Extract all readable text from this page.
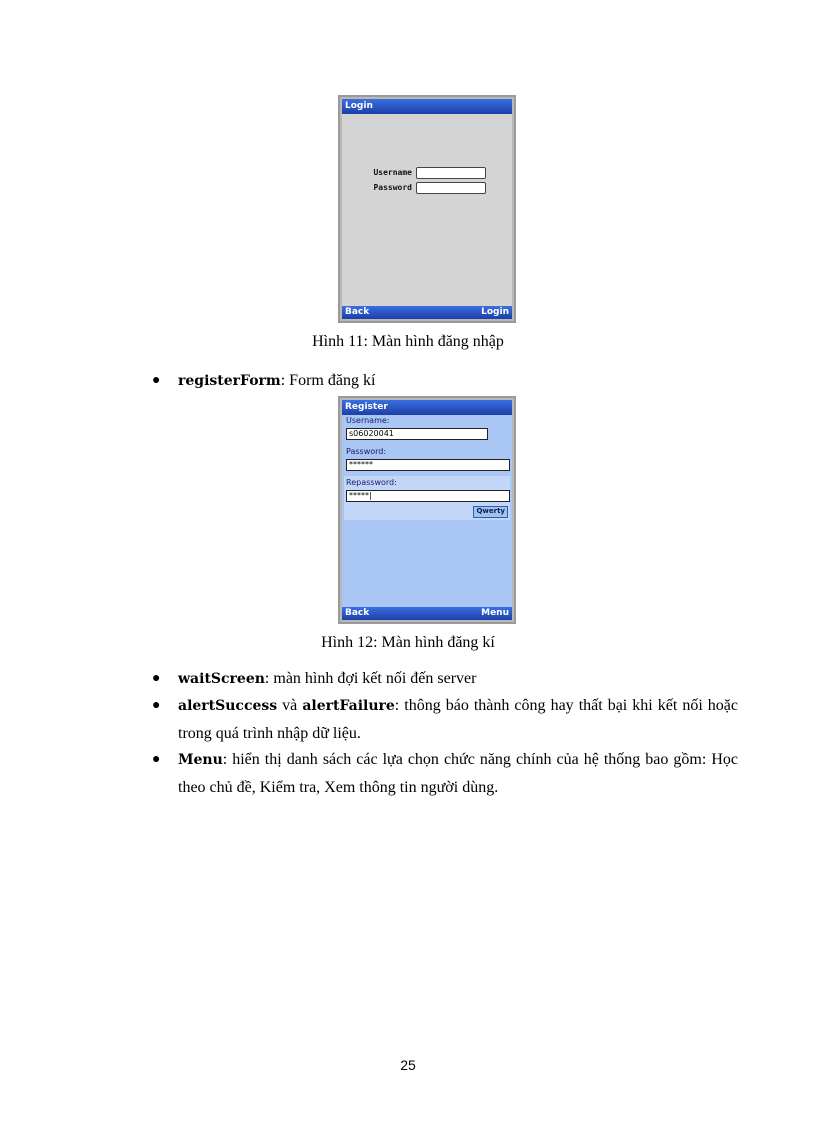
Login
Username
Password
Back	Login
Hình 11: Màn hình đăng nhập
● registerForm: Form đăng kí
Register
Username:
s06020041
Password:
******
Repassword:
*****|
Qwerty
Back	Menu
Hình 12: Màn hình đăng kí
● waitScreen: màn hình đợi kết nối đến server
● alertSuccess và alertFailure: thông báo thành công hay thất bại khi kết nối hoặc trong quá trình nhập dữ liệu.
● Menu: hiển thị danh sách các lựa chọn chức năng chính của hệ thống bao gồm: Học theo chủ đề, Kiểm tra, Xem thông tin người dùng.
25
